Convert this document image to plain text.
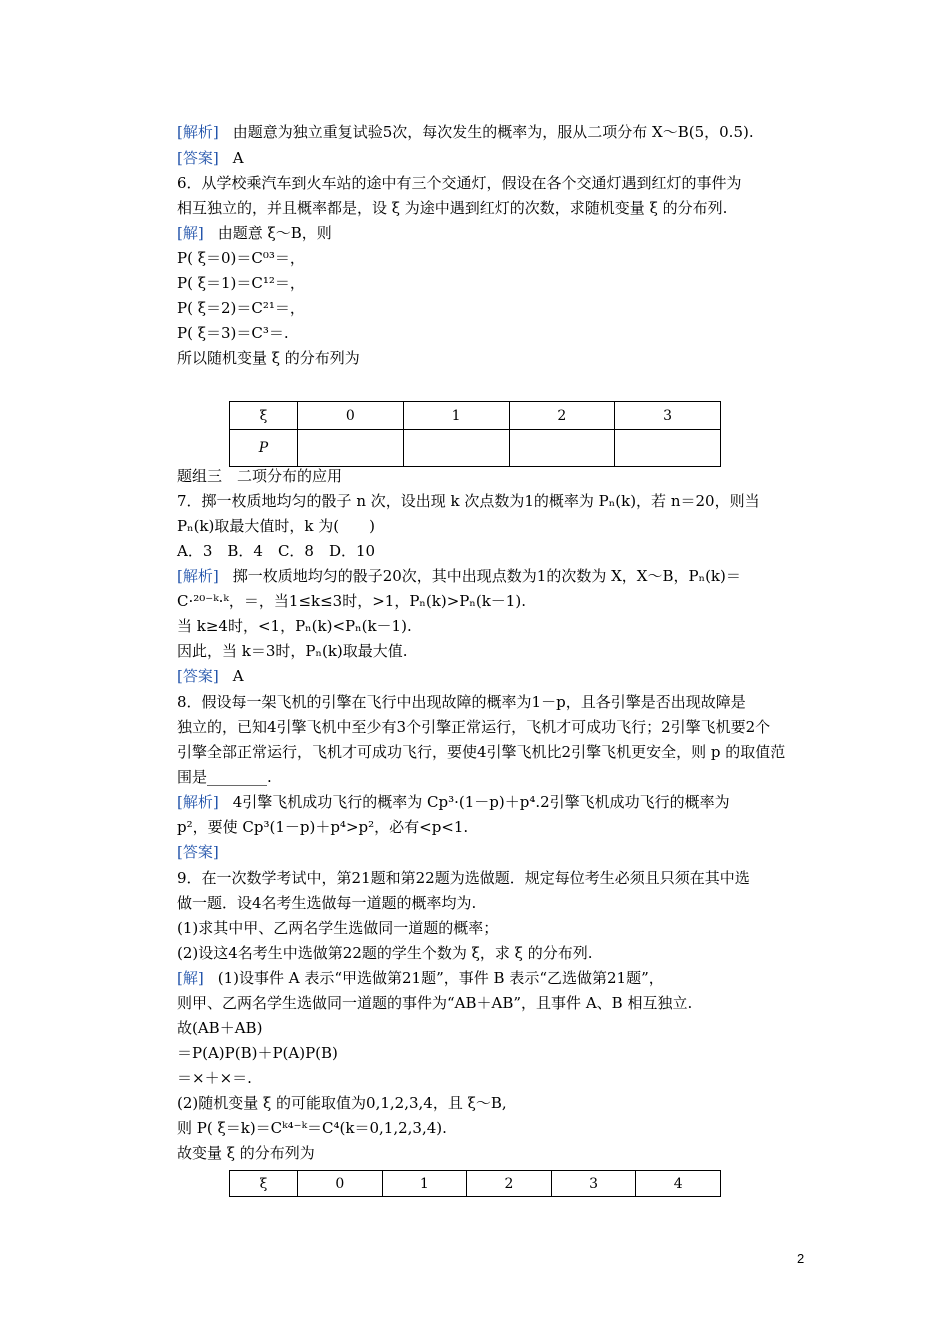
[解析] 由题意为独立重复试验5次，每次发生的概率为，服从二项分布 X～B(5，0.5).
[答案] A
6．从学校乘汽车到火车站的途中有三个交通灯，假设在各个交通灯遇到红灯的事件为
相互独立的，并且概率都是，设 ξ 为途中遇到红灯的次数，求随机变量 ξ 的分布列.
[解] 由题意 ξ～B，则
P( ξ＝0)＝C⁰³＝，
P( ξ＝1)＝C¹²＝，
P( ξ＝2)＝C²¹＝，
P( ξ＝3)＝C³＝.
所以随机变量 ξ 的分布列为
ξ	0	1	2	3
P				
题组三　二项分布的应用
7．掷一枚质地均匀的骰子 n 次，设出现 k 次点数为1的概率为 Pₙ(k)，若 n＝20，则当
Pₙ(k)取最大值时，k 为(　　)
A．3　B．4　C．8　D．10
[解析] 掷一枚质地均匀的骰子20次，其中出现点数为1的次数为 X，X～B，Pₙ(k)＝
C·²⁰⁻ᵏ·ᵏ，＝，当1≤k≤3时，>1，Pₙ(k)>Pₙ(k－1).
当 k≥4时，<1，Pₙ(k)<Pₙ(k－1).
因此，当 k＝3时，Pₙ(k)取最大值.
[答案] A
8．假设每一架飞机的引擎在飞行中出现故障的概率为1－p，且各引擎是否出现故障是
独立的，已知4引擎飞机中至少有3个引擎正常运行，飞机才可成功飞行；2引擎飞机要2个
引擎全部正常运行，飞机才可成功飞行，要使4引擎飞机比2引擎飞机更安全，则 p 的取值范
围是________.
[解析] 4引擎飞机成功飞行的概率为 Cp³·(1－p)＋p⁴.2引擎飞机成功飞行的概率为
p²，要使 Cp³(1－p)＋p⁴>p²，必有<p<1.
[答案]
9．在一次数学考试中，第21题和第22题为选做题．规定每位考生必须且只须在其中选
做一题．设4名考生选做每一道题的概率均为.
(1)求其中甲、乙两名学生选做同一道题的概率；
(2)设这4名考生中选做第22题的学生个数为 ξ，求 ξ 的分布列.
[解] (1)设事件 A 表示“甲选做第21题”，事件 B 表示“乙选做第21题”，
则甲、乙两名学生选做同一道题的事件为“AB＋AB”，且事件 A、B 相互独立.
故(AB＋AB)
＝P(A)P(B)＋P(A)P(B)
＝×＋×＝.
(2)随机变量 ξ 的可能取值为0,1,2,3,4，且 ξ～B,
则 P( ξ＝k)＝Cᵏ⁴⁻ᵏ＝C⁴(k＝0,1,2,3,4).
故变量 ξ 的分布列为
ξ	0	1	2	3	4
2
